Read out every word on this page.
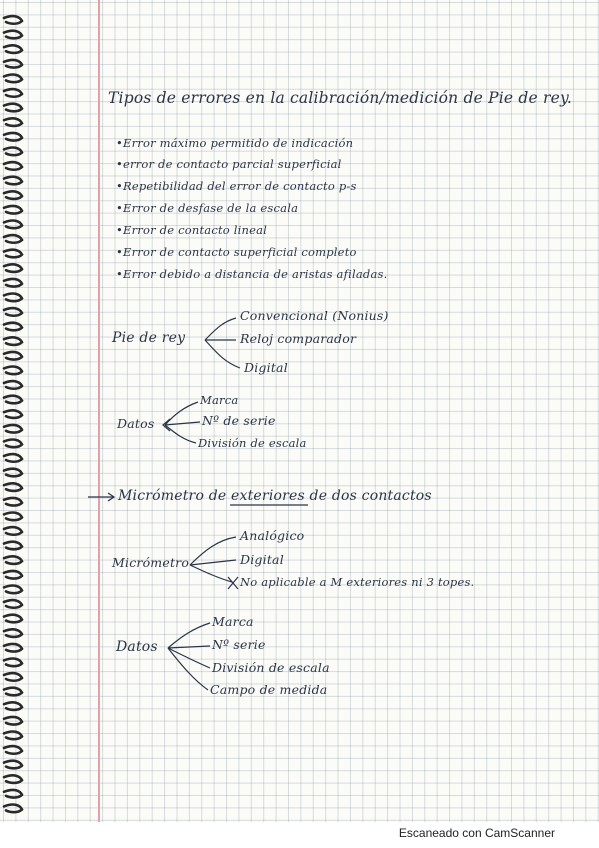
Tipos de errores en la calibración/medición de Pie de rey.

•Error máximo permitido de indicación

•error de contacto parcial superficial

•Repetibilidad del error de contacto p-s

•Error de desfase de la escala

•Error de contacto lineal

•Error de contacto superficial completo

•Error debido a distancia de aristas afiladas.

Pie de rey

Convencional (Nonius)

Reloj comparador

Digital

Datos

Marca

Nº de serie

División de escala

Micrómetro de exteriores de dos contactos

Micrómetro

Analógico

Digital

No aplicable a M exteriores ni 3 topes.

Datos

Marca

Nº serie

División de escala

Campo de medida

Escaneado con CamScanner
